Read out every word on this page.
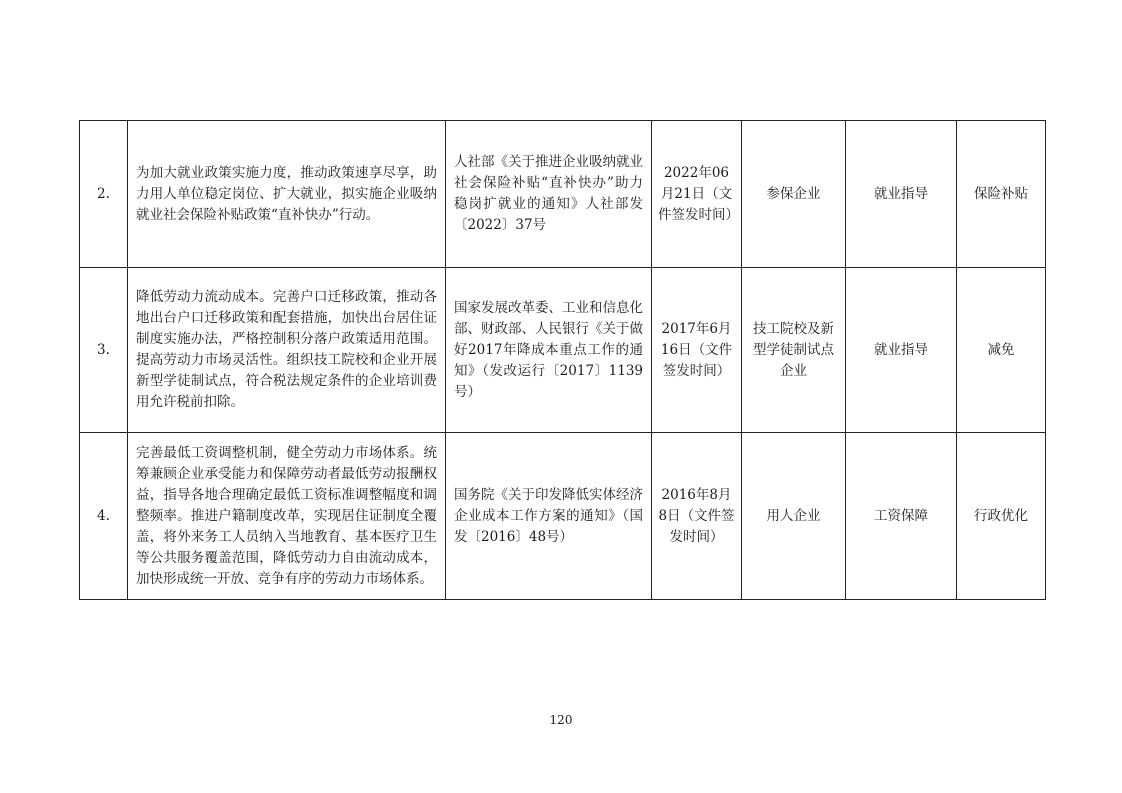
2.	为加大就业政策实施力度，推动政策速享尽享，助力用人单位稳定岗位、扩大就业，拟实施企业吸纳就业社会保险补贴政策“直补快办”行动。	人社部《关于推进企业吸纳就业社会保险补贴“直补快办”助力稳岗扩就业的通知》人社部发〔2022〕37号	2022年06月21日（文件签发时间）	参保企业	就业指导	保险补贴
3.	降低劳动力流动成本。完善户口迁移政策，推动各地出台户口迁移政策和配套措施，加快出台居住证制度实施办法，严格控制积分落户政策适用范围。提高劳动力市场灵活性。组织技工院校和企业开展新型学徒制试点，符合税法规定条件的企业培训费用允许税前扣除。	国家发展改革委、工业和信息化部、财政部、人民银行《关于做好2017年降成本重点工作的通知》（发改运行〔2017〕1139号）	2017年6月16日（文件签发时间）	技工院校及新型学徒制试点企业	就业指导	减免
4.	完善最低工资调整机制，健全劳动力市场体系。统筹兼顾企业承受能力和保障劳动者最低劳动报酬权益，指导各地合理确定最低工资标准调整幅度和调整频率。推进户籍制度改革，实现居住证制度全覆盖，将外来务工人员纳入当地教育、基本医疗卫生等公共服务覆盖范围，降低劳动力自由流动成本，加快形成统一开放、竞争有序的劳动力市场体系。	国务院《关于印发降低实体经济企业成本工作方案的通知》（国发〔2016〕48号）	2016年8月8日（文件签发时间）	用人企业	工资保障	行政优化
120
